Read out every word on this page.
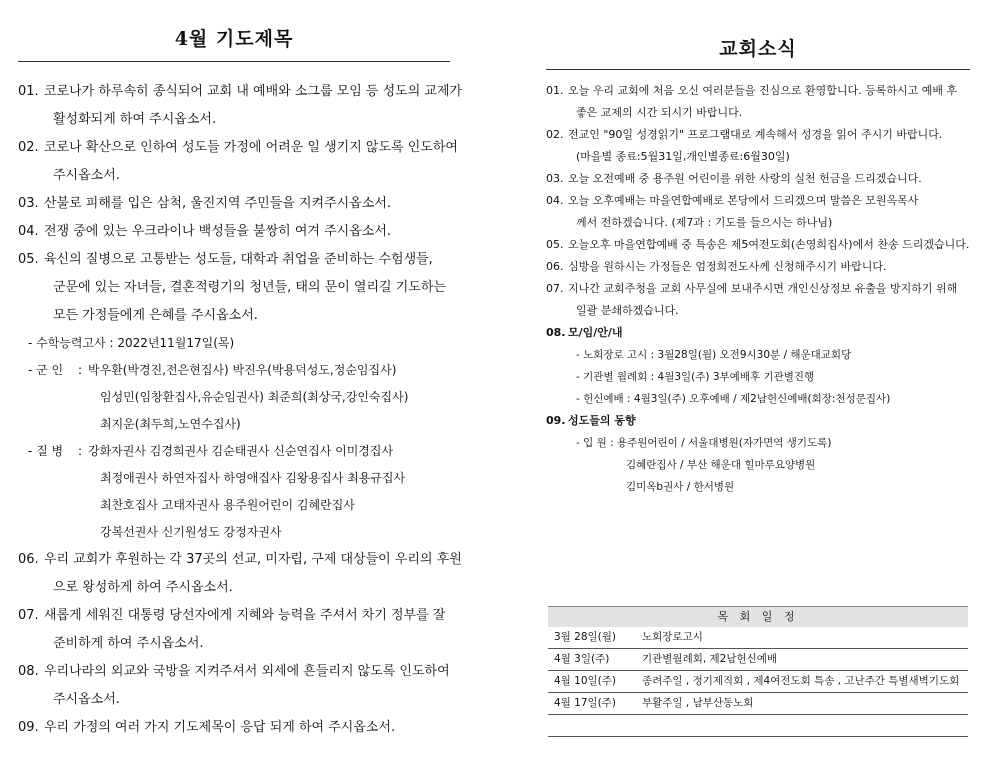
4월 기도제목
01. 코로나가 하루속히 종식되어 교회 내 예배와 소그룹 모임 등 성도의 교제가

활성화되게 하여 주시옵소서.

02. 코로나 확산으로 인하여 성도들 가정에 어려운 일 생기지 않도록 인도하여

주시옵소서.

03. 산불로 피해를 입은 삼척, 울진지역 주민들을 지켜주시옵소서.

04. 전쟁 중에 있는 우크라이나 백성들을 불쌍히 여겨 주시옵소서.

05. 육신의 질병으로 고통받는 성도들, 대학과 취업을 준비하는 수험생들,

군문에 있는 자녀들, 결혼적령기의 청년들, 태의 문이 열리길 기도하는

모든 가정들에게 은혜를 주시옵소서.

- 수학능력고사 : 2022년11월17일(목)
- 군 인	: 박우환(박경진,전은현집사) 박진우(박용덕성도,정순임집사)

임성민(임창환집사,유순임권사) 최준희(최상국,강인숙집사)

최지운(최두희,노연수집사)

- 질 병	: 강화자권사 김경희권사 김순태권사 신순연집사 이미경집사

최정애권사 하연자집사 하영애집사 김왕용집사 최용규집사

최찬호집사 고태자권사 용주원어린이 김혜란집사

강복선권사 신기원성도 강정자권사

06. 우리 교회가 후원하는 각 37곳의 선교, 미자립, 구제 대상들이 우리의 후원

으로 왕성하게 하여 주시옵소서.

07. 새롭게 세워진 대통령 당선자에게 지혜와 능력을 주셔서 차기 정부를 잘

준비하게 하여 주시옵소서.

08. 우리나라의 외교와 국방을 지켜주셔서 외세에 흔들리지 않도록 인도하여

주시옵소서.

09. 우리 가정의 여러 가지 기도제목이 응답 되게 하여 주시옵소서.

교회소식
01. 오늘 우리 교회에 처음 오신 여러분들을 진심으로 환영합니다. 등록하시고 예배 후

좋은 교제의 시간 되시기 바랍니다.

02. 전교인 "90일 성경읽기" 프로그램대로 계속해서 성경을 읽어 주시기 바랍니다.

(마을별 종료:5월31일,개인별종료:6월30일)

03. 오늘 오전예배 중 용주원 어린이를 위한 사랑의 실천 헌금을 드리겠습니다.

04. 오늘 오후예배는 마을연합예배로 본당에서 드리겠으며 말씀은 모원옥목사

께서 전하겠습니다. (제7과 : 기도를 들으시는 하나님)

05. 오늘오후 마을연합예배 중 특송은 제5여전도회(손영희집사)에서 찬송 드리겠습니다.

06. 심방을 원하시는 가정들은 엄정희전도사께 신청해주시기 바랍니다.

07. 지나간 교회주청을 교회 사무실에 보내주시면 개인신상정보 유출을 방지하기 위해

일괄 분쇄하겠습니다.

08. 모/임/안/내

- 노회장로 고시 : 3월28일(월) 오전9시30분 / 해운대교회당
- 기관별 월례회 : 4월3일(주) 3부예배후 기관별진행
- 헌신예배 : 4월3일(주) 오후예배 / 제2남헌신예배(회장:천성문집사)
09. 성도들의 동향

- 입 원 : 용주원어린이 / 서울대병원(자가면역 생기도록)
김혜란집사 / 부산 해운대 힐마루요양병원
김미옥b권사 / 한서병원
목 회 일 정
3월 28일(월)	노회장로고시
4월 3일(주)	기관별월례회, 제2남헌신예배
4월 10일(주)	종려주일 , 정기제직회 , 제4여전도회 특송 , 고난주간 특별새벽기도회
4월 17일(주)	부활주일 , 남부산동노회
